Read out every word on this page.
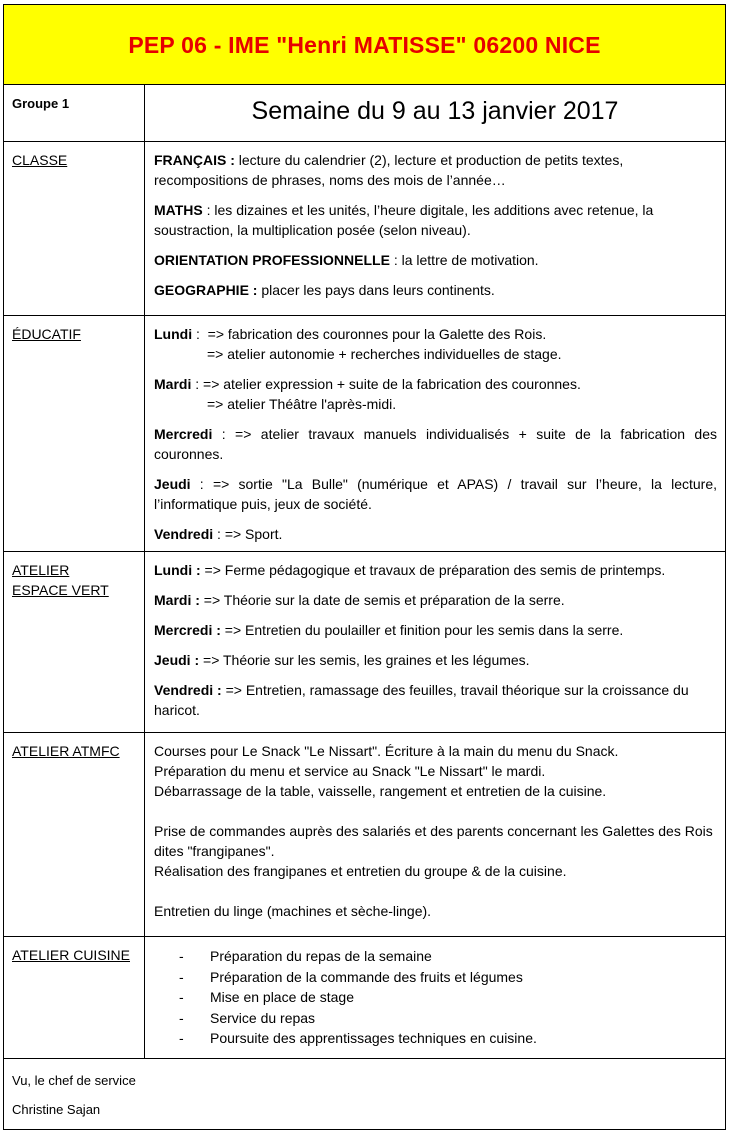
PEP 06 - IME "Henri MATISSE" 06200 NICE
Groupe 1	Semaine du 9 au 13 janvier 2017
CLASSE	FRANÇAIS : lecture du calendrier (2), lecture et production de petits textes, recompositions de phrases, noms des mois de l’année…

MATHS : les dizaines et les unités, l’heure digitale, les additions avec retenue, la soustraction, la multiplication posée (selon niveau).

ORIENTATION PROFESSIONNELLE : la lettre de motivation.

GEOGRAPHIE : placer les pays dans leurs continents.

ÉDUCATIF	Lundi :  => fabrication des couronnes pour la Galette des Rois.
=> atelier autonomie + recherches individuelles de stage.

Mardi : => atelier expression + suite de la fabrication des couronnes.
=> atelier Théâtre l'après-midi.

Mercredi : => atelier travaux manuels individualisés + suite de la fabrication des couronnes.

Jeudi : => sortie "La Bulle" (numérique et APAS) / travail sur l’heure, la lecture, l’informatique puis, jeux de société.

Vendredi : => Sport.

ATELIER
ESPACE VERT

Lundi : => Ferme pédagogique et travaux de préparation des semis de printemps.

Mardi : => Théorie sur la date de semis et préparation de la serre.

Mercredi : => Entretien du poulailler et finition pour les semis dans la serre.

Jeudi : => Théorie sur les semis, les graines et les légumes.

Vendredi : => Entretien, ramassage des feuilles, travail théorique sur la croissance du haricot.

ATELIER ATMFC	Courses pour Le Snack "Le Nissart". Écriture à la main du menu du Snack.
Préparation du menu et service au Snack "Le Nissart" le mardi.
Débarrassage de la table, vaisselle, rangement et entretien de la cuisine.

Prise de commandes auprès des salariés et des parents concernant les Galettes des Rois dites "frangipanes".
Réalisation des frangipanes et entretien du groupe & de la cuisine.

Entretien du linge (machines et sèche-linge).

ATELIER CUISINE
-	Préparation du repas de la semaine
- Préparation de la commande des fruits et légumes
- Mise en place de stage
- Service du repas
- Poursuite des apprentissages techniques en cuisine.
Vu, le chef de service
Christine Sajan
